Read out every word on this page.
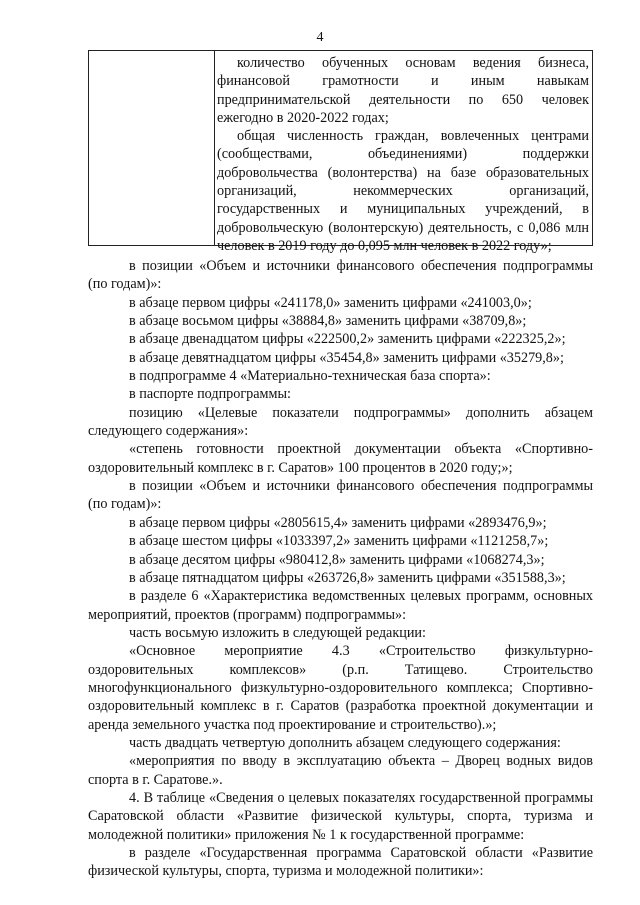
4

количество обученных основам ведения бизнеса, финансовой грамотности и иным навыкам предпринимательской деятельности по 650 человек ежегодно в 2020-2022 годах;

общая численность граждан, вовлеченных центрами (сообществами, объединениями) поддержки добровольчества (волонтерства) на базе образовательных организаций, некоммерческих организаций, государственных и муниципальных учреждений, в добровольческую (волонтерскую) деятельность, с 0,086 млн человек в 2019 году до 0,095 млн человек в 2022 году»;

в позиции «Объем и источники финансового обеспечения подпрограммы (по годам)»:

в абзаце первом цифры «241178,0» заменить цифрами «241003,0»;

в абзаце восьмом цифры «38884,8» заменить цифрами «38709,8»;

в абзаце двенадцатом цифры «222500,2» заменить цифрами «222325,2»;

в абзаце девятнадцатом цифры «35454,8» заменить цифрами «35279,8»;

в подпрограмме 4 «Материально-техническая база спорта»:

в паспорте подпрограммы:

позицию «Целевые показатели подпрограммы» дополнить абзацем следующего содержания»:

«степень готовности проектной документации объекта «Спортивно-оздоровительный комплекс в г. Саратов» 100 процентов в 2020 году;»;

в позиции «Объем и источники финансового обеспечения подпрограммы (по годам)»:

в абзаце первом цифры «2805615,4» заменить цифрами «2893476,9»;

в абзаце шестом цифры «1033397,2» заменить цифрами «1121258,7»;

в абзаце десятом цифры «980412,8» заменить цифрами «1068274,3»;

в абзаце пятнадцатом цифры «263726,8» заменить цифрами «351588,3»;

в разделе 6 «Характеристика ведомственных целевых программ, основных мероприятий, проектов (программ) подпрограммы»:

часть восьмую изложить в следующей редакции:

«Основное мероприятие 4.3 «Строительство физкультурно-оздоровительных комплексов» (р.п. Татищево. Строительство многофункционального физкультурно-оздоровительного комплекса; Спортивно-оздоровительный комплекс в г. Саратов (разработка проектной документации и аренда земельного участка под проектирование и строительство).»;

часть двадцать четвертую дополнить абзацем следующего содержания:

«мероприятия по вводу в эксплуатацию объекта – Дворец водных видов спорта в г. Саратове.».

4. В таблице «Сведения о целевых показателях государственной программы Саратовской области «Развитие физической культуры, спорта, туризма и молодежной политики» приложения № 1 к государственной программе:

в разделе «Государственная программа Саратовской области «Развитие физической культуры, спорта, туризма и молодежной политики»:
